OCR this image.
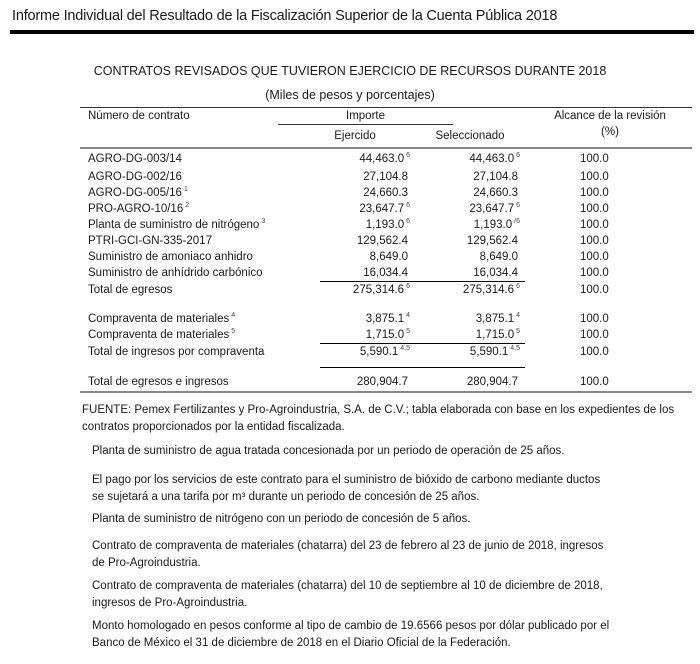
Informe Individual del Resultado de la Fiscalización Superior de la Cuenta Pública 2018
CONTRATOS REVISADOS QUE TUVIERON EJERCICIO DE RECURSOS DURANTE 2018
(Miles de pesos y porcentajes)
Número de contrato	Importe	Alcance de la revisión
(%)
Ejercido	Seleccionado
AGRO-DG-003/14	44,463.0 $^6$	44,463.0 $^6$	100.0
AGRO-DG-002/16	27,104.8	27,104.8	100.0
AGRO-DG-005/16 $^1$	24,660.3	24,660.3	100.0
PRO-AGRO-10/16 $^2$	23,647.7 $^6$	23,647.7 $^6$	100.0
Planta de suministro de nitrógeno $^3$	1,193.0 $^6$	1,193.0 $^{/6}$	100.0
PTRI-GCI-GN-335-2017	129,562.4	129,562.4	100.0
Suministro de amoniaco anhidro	8,649.0	8,649.0	100.0
Suministro de anhídrido carbónico	16,034.4	16,034.4	100.0
Total de egresos	275,314.6 $^6$	275,314.6 $^6$	100.0
Compraventa de materiales $^4$	3,875.1 $^4$	3,875.1 $^4$	100.0
Compraventa de materiales $^5$	1,715.0 $^5$	1,715.0 $^5$	100.0
Total de ingresos por compraventa	5,590.1 $^{4,5}$	5,590.1 $^{4,5}$	100.0
Total de egresos e ingresos	280,904.7	280,904.7	100.0
FUENTE: Pemex Fertilizantes y Pro-Agroindustria, S.A. de C.V.; tabla elaborada con base en los expedientes de los
contratos proporcionados por la entidad fiscalizada.
Planta de suministro de agua tratada concesionada por un periodo de operación de 25 años.
El pago por los servicios de este contrato para el suministro de bióxido de carbono mediante ductos
se sujetará a una tarifa por m³ durante un periodo de concesión de 25 años.
Planta de suministro de nitrógeno con un periodo de concesión de 5 años.
Contrato de compraventa de materiales (chatarra) del 23 de febrero al 23 de junio de 2018, ingresos
de Pro-Agroindustria.
Contrato de compraventa de materiales (chatarra) del 10 de septiembre al 10 de diciembre de 2018,
ingresos de Pro-Agroindustria.
Monto homologado en pesos conforme al tipo de cambio de 19.6566 pesos por dólar publicado por el
Banco de México el 31 de diciembre de 2018 en el Diario Oficial de la Federación.
